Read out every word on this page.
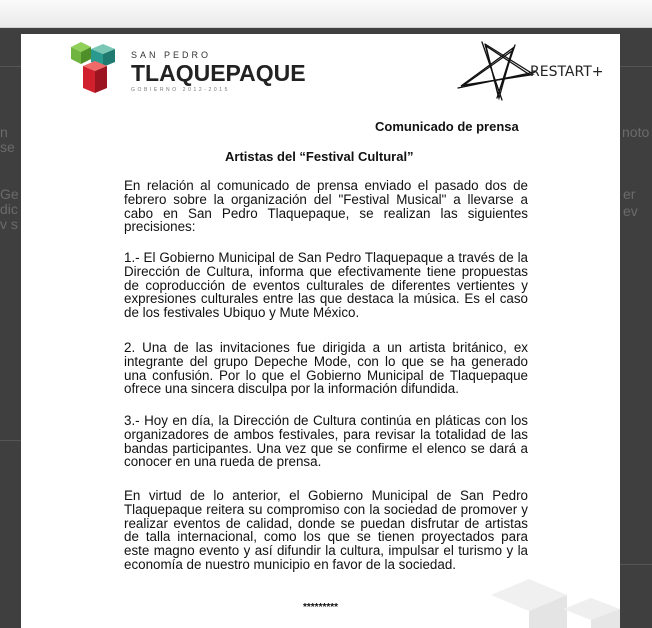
n
se
Ge
dic
v s
noto
er
ev
SAN PEDRO
TLAQUEPAQUE
GOBIERNO 2012-2015
RESTART+
Comunicado de prensa
Artistas del “Festival Cultural”
En relación al comunicado de prensa enviado el pasado dos de febrero sobre la organización del "Festival Musical" a llevarse a cabo en San Pedro Tlaquepaque, se realizan las siguientes precisiones:
1.- El Gobierno Municipal de San Pedro Tlaquepaque a través de la Dirección de Cultura, informa que efectivamente tiene propuestas de coproducción de eventos culturales de diferentes vertientes y expresiones culturales entre las que destaca la música. Es el caso de los festivales Ubiquo y Mute México.
2. Una de las invitaciones fue dirigida a un artista británico, ex integrante del grupo Depeche Mode, con lo que se ha generado una confusión. Por lo que el Gobierno Municipal de Tlaquepaque ofrece una sincera disculpa por la información difundida.
3.- Hoy en día, la Dirección de Cultura continúa en pláticas con los organizadores de ambos festivales, para revisar la totalidad de las bandas participantes. Una vez que se confirme el elenco se dará a conocer en una rueda de prensa.
En virtud de lo anterior, el Gobierno Municipal de San Pedro Tlaquepaque reitera su compromiso con la sociedad de promover y realizar eventos de calidad, donde se puedan disfrutar de artistas de talla internacional, como los que se tienen proyectados para este magno evento y así difundir la cultura, impulsar el turismo y la economía de nuestro municipio en favor de la sociedad.
*********
